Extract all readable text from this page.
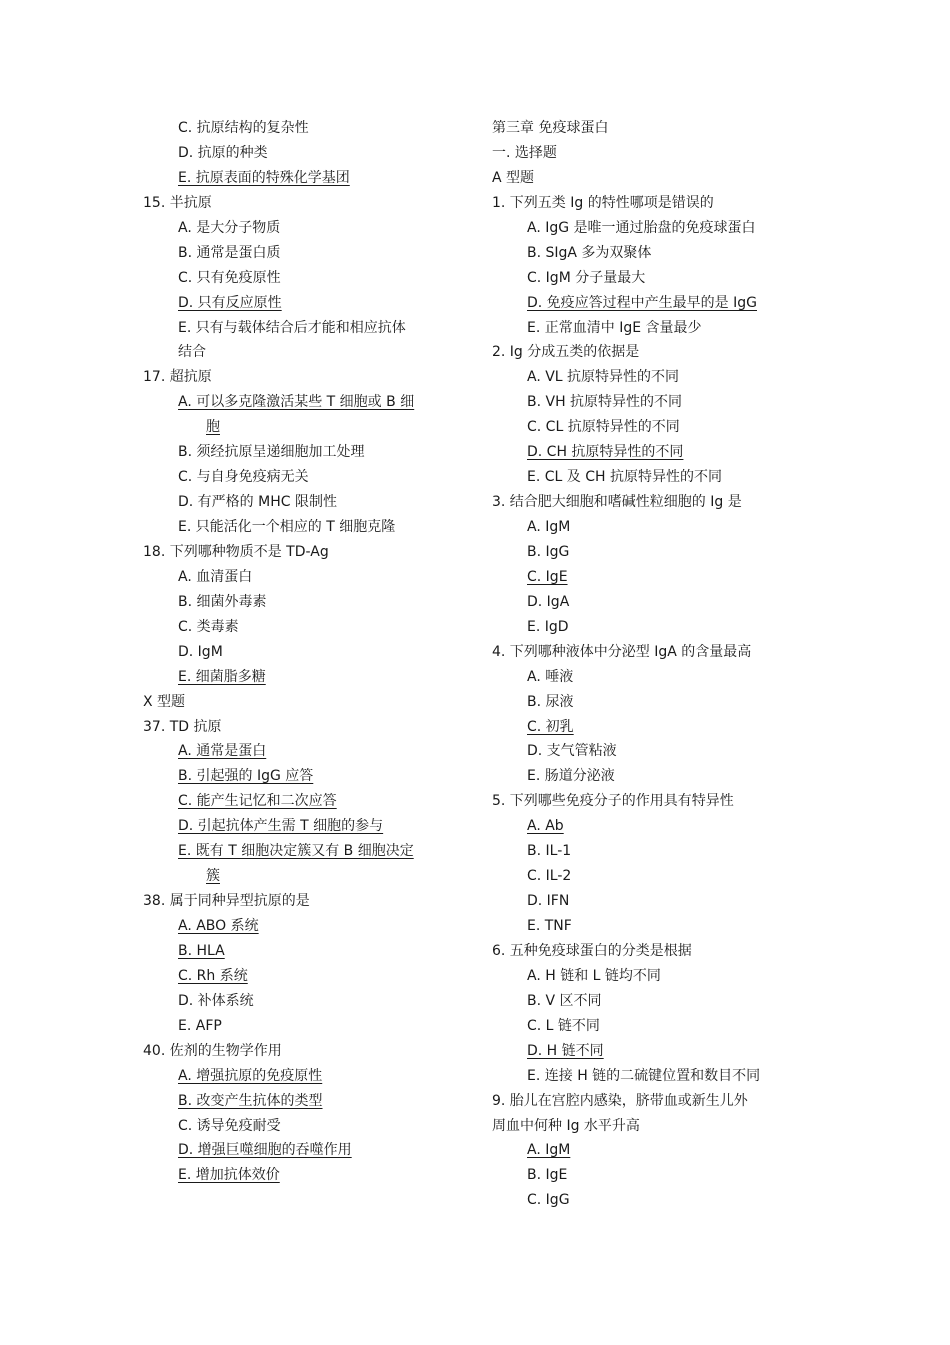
C. 抗原结构的复杂性
D. 抗原的种类
E. 抗原表面的特殊化学基团
15. 半抗原
A. 是大分子物质
B. 通常是蛋白质
C. 只有免疫原性
D. 只有反应原性
E. 只有与载体结合后才能和相应抗体
结合
17. 超抗原
A. 可以多克隆激活某些 T 细胞或 B 细
胞
B. 须经抗原呈递细胞加工处理
C. 与自身免疫病无关
D. 有严格的 MHC 限制性
E. 只能活化一个相应的 T 细胞克隆
18. 下列哪种物质不是 TD-Ag
A. 血清蛋白
B. 细菌外毒素
C. 类毒素
D. IgM
E. 细菌脂多糖
X 型题
37. TD 抗原
A. 通常是蛋白
B. 引起强的 IgG 应答
C. 能产生记忆和二次应答
D. 引起抗体产生需 T 细胞的参与
E. 既有 T 细胞决定簇又有 B 细胞决定
簇
38. 属于同种异型抗原的是
A. ABO 系统
B. HLA
C. Rh 系统
D. 补体系统
E. AFP
40. 佐剂的生物学作用
A. 增强抗原的免疫原性
B. 改变产生抗体的类型
C. 诱导免疫耐受
D. 增强巨噬细胞的吞噬作用
E. 增加抗体效价
第三章 免疫球蛋白
一. 选择题
A 型题
1. 下列五类 Ig 的特性哪项是错误的
A. IgG 是唯一通过胎盘的免疫球蛋白
B. SIgA 多为双聚体
C. IgM 分子量最大
D. 免疫应答过程中产生最早的是 IgG
E. 正常血清中 IgE 含量最少
2. Ig 分成五类的依据是
A. VL 抗原特异性的不同
B. VH 抗原特异性的不同
C. CL 抗原特异性的不同
D. CH 抗原特异性的不同
E. CL 及 CH 抗原特异性的不同
3. 结合肥大细胞和嗜碱性粒细胞的 Ig 是
A. IgM
B. IgG
C. IgE
D. IgA
E. IgD
4. 下列哪种液体中分泌型 IgA 的含量最高
A. 唾液
B. 尿液
C. 初乳
D. 支气管粘液
E. 肠道分泌液
5. 下列哪些免疫分子的作用具有特异性
A. Ab
B. IL-1
C. IL-2
D. IFN
E. TNF
6. 五种免疫球蛋白的分类是根据
A. H 链和 L 链均不同
B. V 区不同
C. L 链不同
D. H 链不同
E. 连接 H 链的二硫键位置和数目不同
9. 胎儿在宫腔内感染，脐带血或新生儿外
周血中何种 Ig 水平升高
A. IgM
B. IgE
C. IgG
